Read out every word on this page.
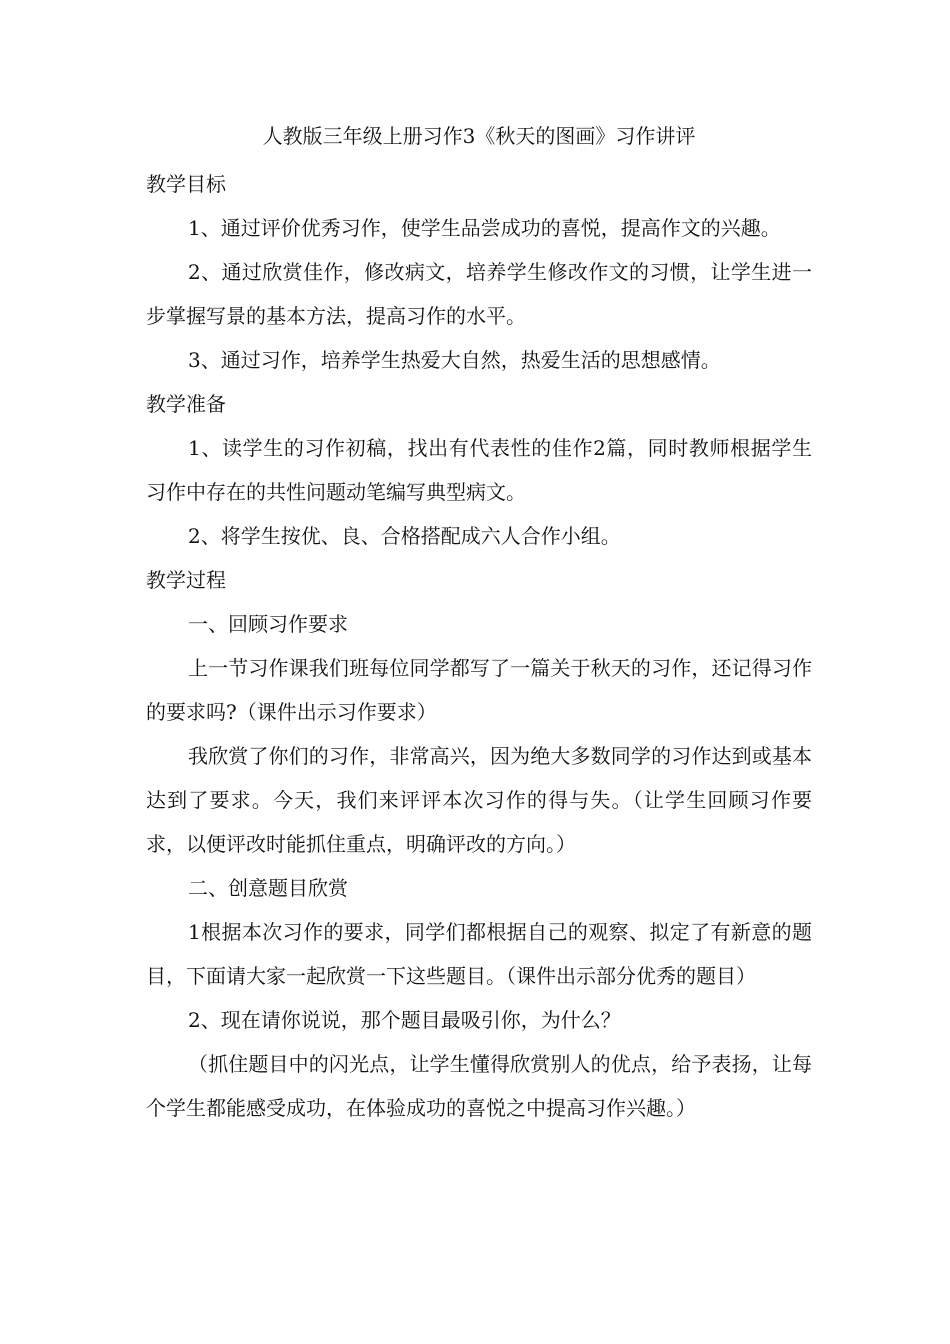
人教版三年级上册习作3《秋天的图画》习作讲评

教学目标

1、通过评价优秀习作，使学生品尝成功的喜悦，提高作文的兴趣。

2、通过欣赏佳作，修改病文，培养学生修改作文的习惯，让学生进一步掌握写景的基本方法，提高习作的水平。

3、通过习作，培养学生热爱大自然，热爱生活的思想感情。

教学准备

1、读学生的习作初稿，找出有代表性的佳作2篇，同时教师根据学生习作中存在的共性问题动笔编写典型病文。

2、将学生按优、良、合格搭配成六人合作小组。

教学过程

一、回顾习作要求

上一节习作课我们班每位同学都写了一篇关于秋天的习作，还记得习作的要求吗?（课件出示习作要求）

我欣赏了你们的习作，非常高兴，因为绝大多数同学的习作达到或基本达到了要求。今天，我们来评评本次习作的得与失。（让学生回顾习作要求，以便评改时能抓住重点，明确评改的方向。）

二、创意题目欣赏

1根据本次习作的要求，同学们都根据自己的观察、拟定了有新意的题目，下面请大家一起欣赏一下这些题目。（课件出示部分优秀的题目）

2、现在请你说说，那个题目最吸引你，为什么？

（抓住题目中的闪光点，让学生懂得欣赏别人的优点，给予表扬，让每个学生都能感受成功，在体验成功的喜悦之中提高习作兴趣。）
